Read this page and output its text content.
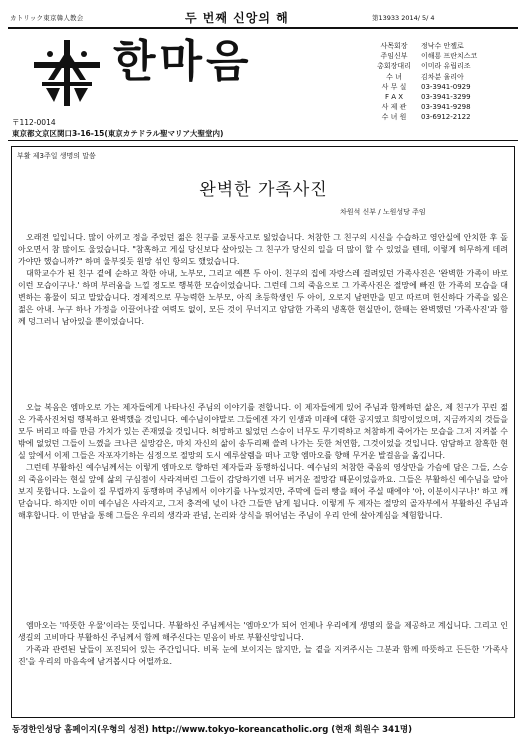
カトリック東京韓人教会	두 번째 신앙의 해	第13933 2014/ 5/ 4
한마음
〒112-0014
東京都文京区関口3-16-15(東京カテドラル聖マリア大聖堂内)
사목회장	정낙수 안젤로
주임신부	이해룡 프란치스코
총회장대리	이미라 유립리조
수 녀	김차분 율리아
사 무 실	03-3941-0929
F A X	03-3941-3299
사 제 관	03-3941-9298
수 녀 원	03-6912-2122
부활 제3주일 생명의 말씀
완벽한 가족사진
차원석 신부 / 노원성당 주임

오래전 일입니다. 많이 아끼고 정을 주었던 젊은 친구를 교통사고로 잃었습니다. 처참한 그 친구의 시신을 수습하고 영안실에 안치한 후 돌아오면서 참 많이도 울었습니다. "참혹하고 게실 당신보다 살아있는 그 친구가 당신의 일을 더 많이 할 수 있었을 텐데, 이렇게 허무하게 데려가야만 했습니까?" 하며 울부짖듯 원망 섞인 항의도 했었습니다.

대학교수가 된 친구 곁에 순하고 착한 아내, 노부모, 그리고 예쁜 두 아이. 친구의 집에 자랑스레 걸려있던 가족사진은 '완벽한 가족이 바로 이런 모습이구나.' 하며 부러움을 느낄 정도로 행복한 모습이었습니다. 그런데 그의 죽음으로 그 가족사진은 절망에 빠진 한 가족의 모습을 대변하는 흉물이 되고 말았습니다. 경제적으로 무능력한 노부모, 아직 초등학생인 두 아이, 오로지 남편만을 믿고 따르며 헌신하다 가족을 잃은 젊은 아내. 누구 하나 가정을 이끌어나갈 여력도 없이, 모든 것이 무너지고 암담한 가족의 냉혹한 현실만이, 한때는 완벽했던 '가족사진'과 함께 덩그러니 남아있을 뿐이었습니다.

오늘 복음은 엠마오로 가는 제자들에게 나타나신 주님의 이야기를 전합니다. 이 제자들에게 있어 주님과 함께하던 삶은, 제 친구가 꾸린 젊은 가족사진처럼 행복하고 완벽했을 것입니다. 예수님이야말로 그들에겐 자기 인생과 미래에 대한 공지였고 희망이었으며, 지금까지의 것들을 모두 버리고 따를 만큼 가치가 있는 존재였을 것입니다. 허망하고 잃었던 스승이 너무도 무기력하고 처참하게 죽어가는 모습을 그저 지켜볼 수밖에 없었던 그들이 느꼈을 크나큰 실망감은, 마치 자신의 삶이 송두리째 쓸려 나가는 듯한 처연함, 그것이었을 것입니다. 암담하고 참혹한 현실 앞에서 이제 그들은 자포자기하는 심정으로 절망의 도시 예루살렘을 떠나 고향 엠마오를 향해 무거운 발걸음을 옮깁니다.

그런데 부활하신 예수님께서는 이렇게 엠마오로 향하던 제자들과 동행하십니다. 예수님의 처참한 죽음의 영상만을 가슴에 담은 그들, 스승의 죽음이라는 현실 앞에 삶의 구심점이 사라져버린 그들이 감당하기엔 너무 버거운 절망감 때문이었을까요. 그들은 부활하신 예수님을 알아보지 못합니다. 노을이 질 무렵까지 동행하며 주님께서 이야기를 나누었지만, 주막에 들러 빵을 떼어 주실 때에야 '아, 이분이시구나!' 하고 깨닫습니다. 하지만 이미 예수님은 사라지고, 그저 충격에 넋이 나간 그들만 남게 됩니다. 이렇게 두 제자는 절망의 골자부에서 부활하신 주님과 해후합니다. 이 만남을 통해 그들은 우리의 생각과 관념, 논리와 상식을 뛰어넘는 주님이 우리 안에 살아계심을 체험합니다.

엠마오는 '따뜻한 우물'이라는 뜻입니다. 부활하신 주님께서는 '엠마오'가 되어 언제나 우리에게 생명의 물을 제공하고 계십니다. 그리고 인생길의 고비마다 부활하신 주님께서 함께 해주신다는 믿음이 바로 부활신앙입니다.

가족과 관련된 날들이 포진되어 있는 주간입니다. 비록 눈에 보이지는 않지만, 늘 곁을 지켜주시는 그분과 함께 따뜻하고 든든한 '가족사진'을 우리의 마음속에 남겨봅시다 어떨까요.

동경한인성당 홈페이지(우형의 성전) http://www.tokyo-koreancatholic.org (현재 회원수 341명)
